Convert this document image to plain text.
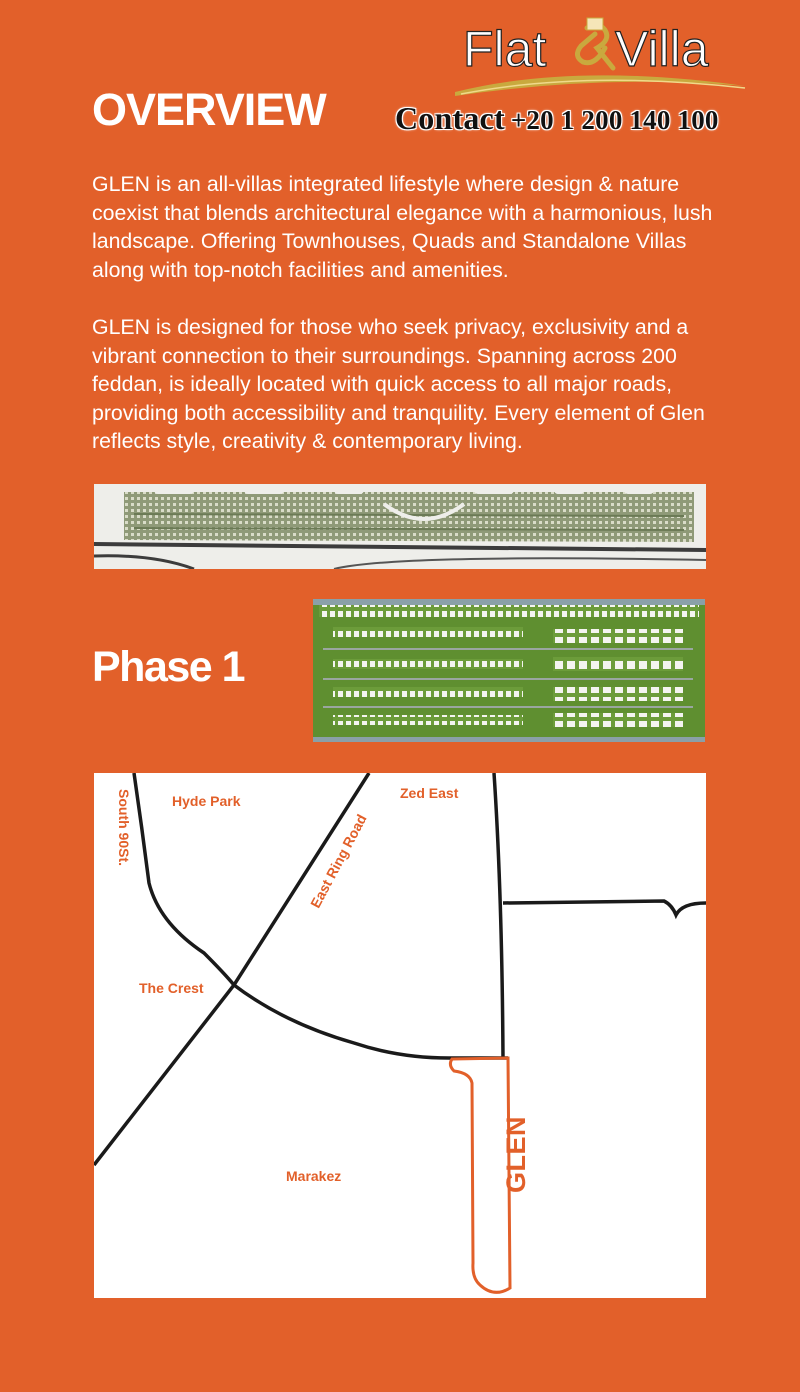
Flat Villa
Contact +20 1 200 140 100
OVERVIEW

GLEN is an all-villas integrated lifestyle where design & nature coexist that blends architectural elegance with a harmonious, lush landscape. Offering Townhouses, Quads and Standalone Villas along with top-notch facilities and amenities.

GLEN is designed for those who seek privacy, exclusivity and a vibrant connection to their surroundings. Spanning across 200 feddan, is ideally located with quick access to all major roads, providing both accessibility and tranquility. Every element of Glen reflects style, creativity & contemporary living.

Phase 1
Hyde Park	Zed East
The Crest
Marakez
South 90St.	East Ring Road
GLEN
